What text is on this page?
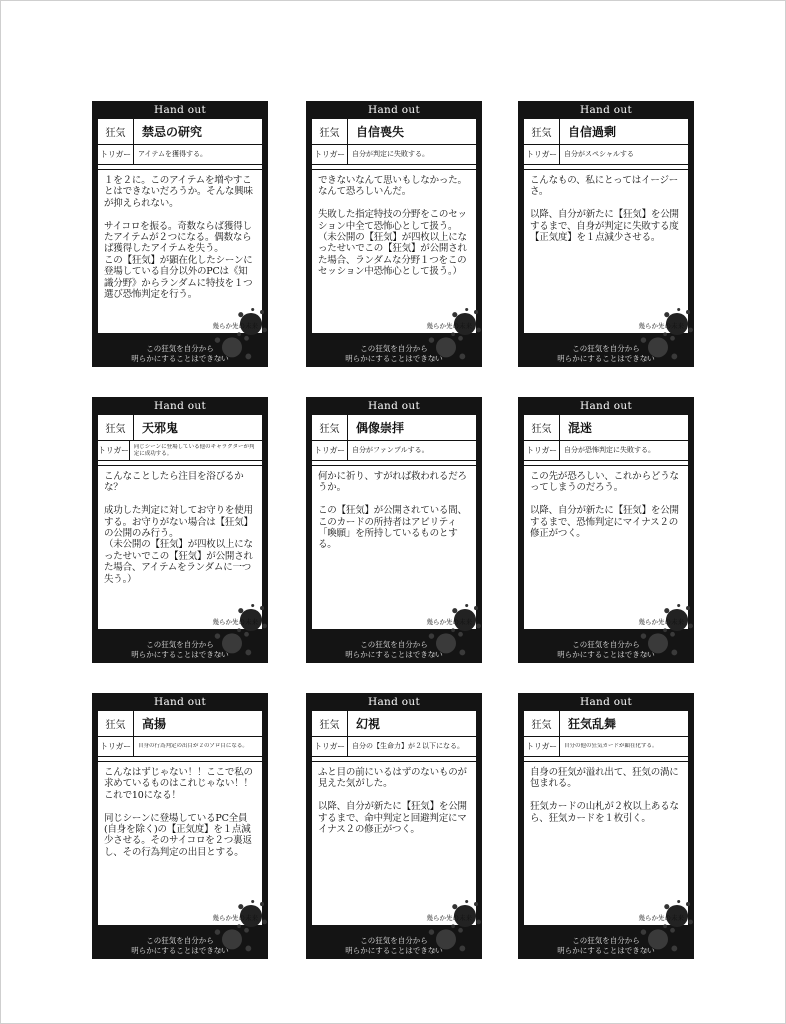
Hand out
狂気	禁忌の研究
トリガー	アイテムを獲得する。
１を２に。このアイテムを増やすことはできないだろうか。そんな興味が抑えられない。

サイコロを振る。奇数ならば獲得したアイテムが２つになる。偶数ならば獲得したアイテムを失う。
この【狂気】が顕在化したシーンに登場している自分以外のPCは《知識分野》からランダムに特技を１つ選び恐怖判定を行う。
幾らか先の未来
この狂気を自分から
明らかにすることはできない
Hand out
狂気	自信喪失
トリガー	自分が判定に失敗する。
できないなんて思いもしなかった。なんて恐ろしいんだ。

失敗した指定特技の分野をこのセッション中全て恐怖心として扱う。
（未公開の【狂気】が四枚以上になったせいでこの【狂気】が公開された場合、ランダムな分野１つをこのセッション中恐怖心として扱う。）
幾らか先の未来
この狂気を自分から
明らかにすることはできない
Hand out
狂気	自信過剰
トリガー	自分がスペシャルする
こんなもの、私にとってはイージーさ。

以降、自分が新たに【狂気】を公開するまで、自身が判定に失敗する度【正気度】を１点減少させる。
幾らか先の未来
この狂気を自分から
明らかにすることはできない
Hand out
狂気	天邪鬼
トリガー 同じシーンに登場している他のキャラクターが判定に成功する。
こんなことしたら注目を浴びるかな？

成功した判定に対してお守りを使用する。お守りがない場合は【狂気】の公開のみ行う。
（未公開の【狂気】が四枚以上になったせいでこの【狂気】が公開された場合、アイテムをランダムに一つ失う。）
幾らか先の未来
この狂気を自分から
明らかにすることはできない
Hand out
狂気	偶像崇拝
トリガー	自分がファンブルする。
何かに祈り、すがれば救われるだろうか。

この【狂気】が公開されている間、このカードの所持者はアビリティ「喚願」を所持しているものとする。
幾らか先の未来
この狂気を自分から
明らかにすることはできない
Hand out
狂気	混迷
トリガー	自分が恐怖判定に失敗する。
この先が恐ろしい、これからどうなってしまうのだろう。

以降、自分が新たに【狂気】を公開するまで、恐怖判定にマイナス２の修正がつく。
幾らか先の未来
この狂気を自分から
明らかにすることはできない
Hand out
狂気	高揚
トリガー	自身の行為判定の出目が２のゾロ目になる。
こんなはずじゃない！！ここで私の求めているものはこれじゃない！！これで10になる！

同じシーンに登場しているPC全員(自身を除く)の【正気度】を１点減少させる。そのサイコロを２つ裏返し、その行為判定の出目とする。
幾らか先の未来
この狂気を自分から
明らかにすることはできない
Hand out
狂気	幻視
トリガー	自分の【生命力】が２以下になる。
ふと目の前にいるはずのないものが見えた気がした。

以降、自分が新たに【狂気】を公開するまで、命中判定と回避判定にマイナス２の修正がつく。
幾らか先の未来
この狂気を自分から
明らかにすることはできない
Hand out
狂気	狂気乱舞
トリガー	自分の他の狂気カードが顕在化する。
自身の狂気が溢れ出て、狂気の渦に包まれる。

狂気カードの山札が２枚以上あるなら、狂気カードを１枚引く。
幾らか先の未来
この狂気を自分から
明らかにすることはできない
